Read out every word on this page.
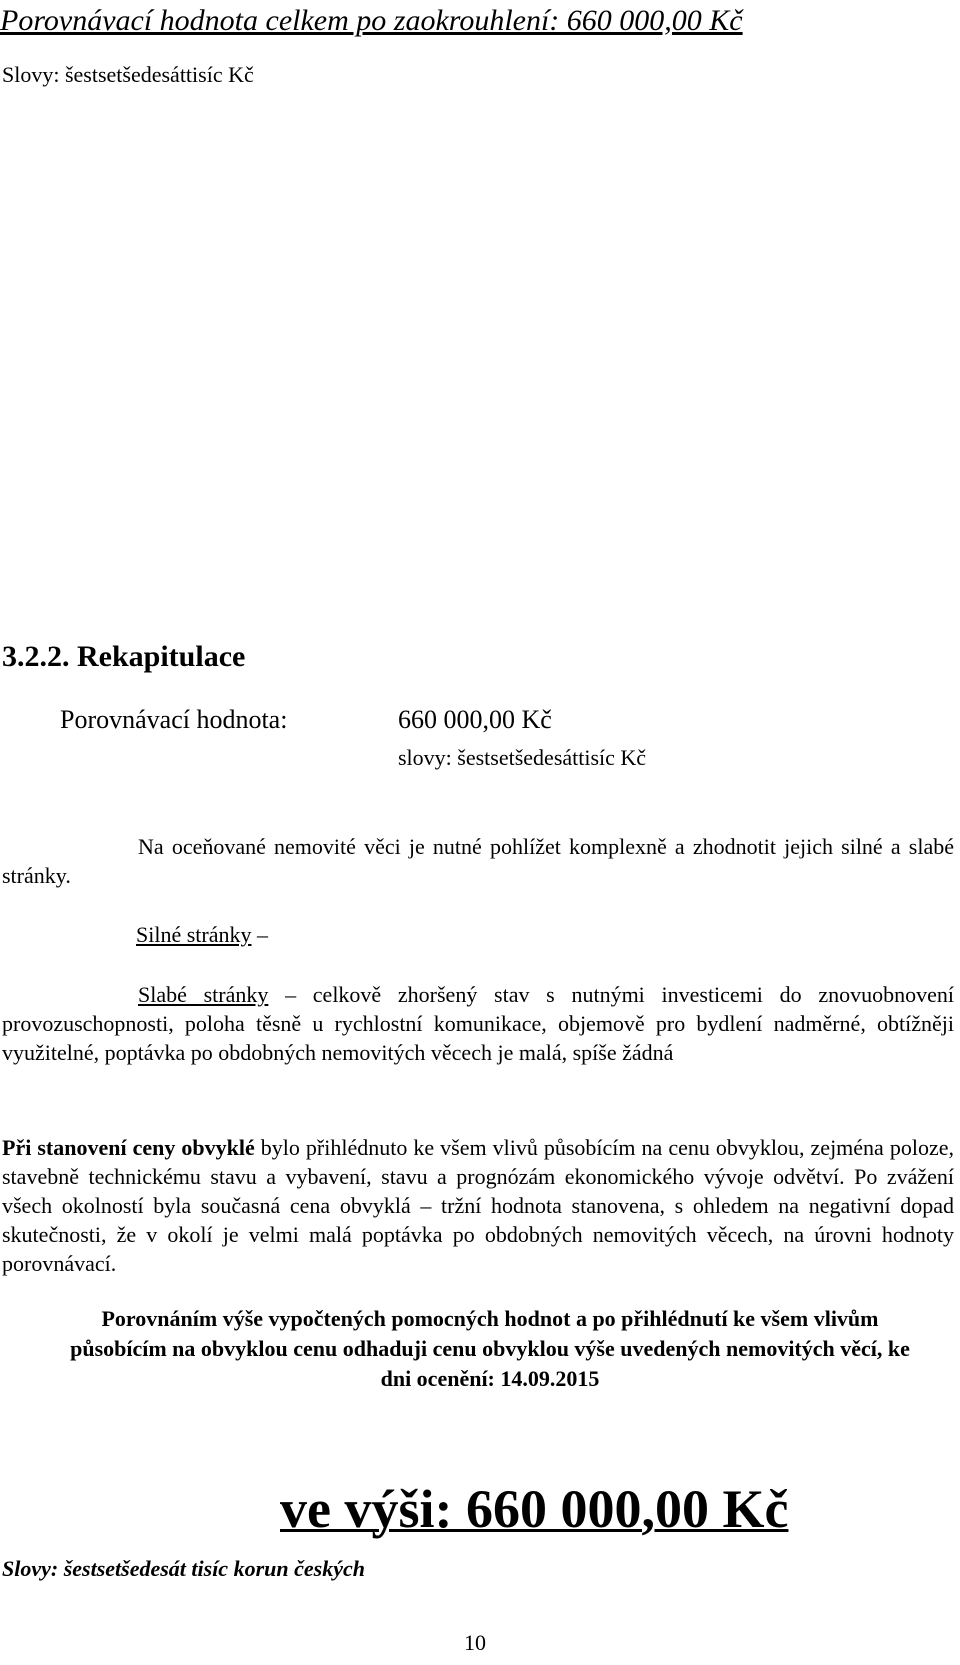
Porovnávací hodnota celkem po zaokrouhlení: 660 000,00 Kč
Slovy: šestsetšedesáttisíc Kč
3.2.2. Rekapitulace
Porovnávací hodnota:	660 000,00 Kč
slovy: šestsetšedesáttisíc Kč
Na oceňované nemovité věci je nutné pohlížet komplexně a zhodnotit jejich silné a slabé stránky.
Silné stránky –
Slabé stránky – celkově zhoršený stav s nutnými investicemi do znovuobnovení provozuschopnosti, poloha těsně u rychlostní komunikace, objemově pro bydlení nadměrné, obtížněji využitelné, poptávka po obdobných nemovitých věcech je malá, spíše žádná
Při stanovení ceny obvyklé bylo přihlédnuto ke všem vlivů působícím na cenu obvyklou, zejména poloze, stavebně technickému stavu a vybavení, stavu a prognózám ekonomického vývoje odvětví. Po zvážení všech okolností byla současná cena obvyklá – tržní hodnota stanovena, s ohledem na negativní dopad skutečnosti, že v okolí je velmi malá poptávka po obdobných nemovitých věcech, na úrovni hodnoty porovnávací.
Porovnáním výše vypočtených pomocných hodnot a po přihlédnutí ke všem vlivům působícím na obvyklou cenu odhaduji cenu obvyklou výše uvedených nemovitých věcí, ke dni ocenění: 14.09.2015
ve výši: 660 000,00 Kč
Slovy: šestsetšedesát tisíc korun českých
10
